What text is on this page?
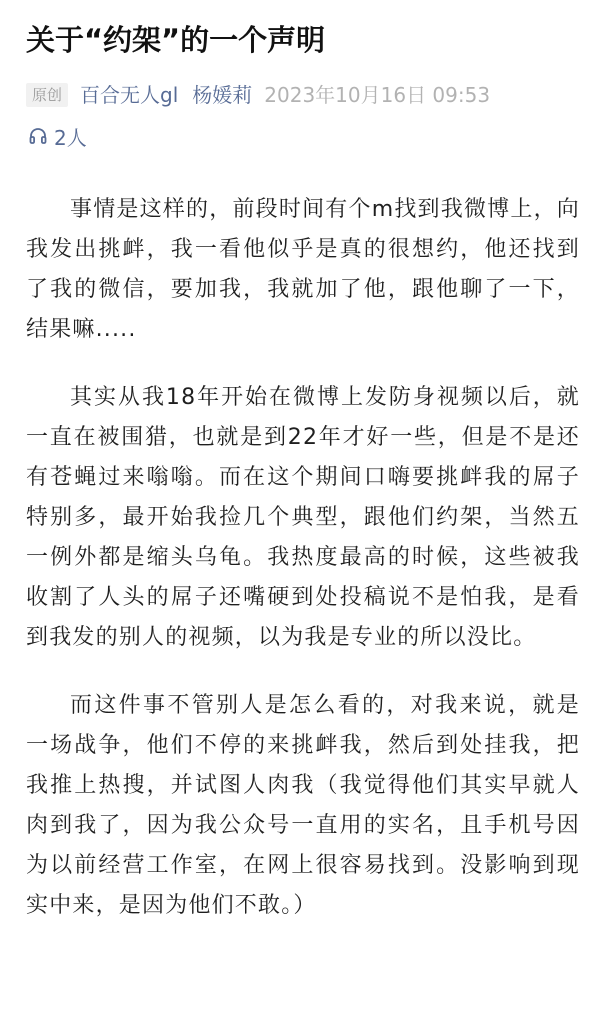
关于“约架”的一个声明
原创 百合无人gl 杨媛莉 2023年10月16日 09:53
2人

事情是这样的，前段时间有个m找到我微博上，向我发出挑衅，我一看他似乎是真的很想约，他还找到了我的微信，要加我，我就加了他，跟他聊了一下，结果嘛.....

其实从我18年开始在微博上发防身视频以后，就一直在被围猎，也就是到22年才好一些，但是不是还有苍蝇过来嗡嗡。而在这个期间口嗨要挑衅我的屌子特别多，最开始我捡几个典型，跟他们约架，当然五一例外都是缩头乌龟。我热度最高的时候，这些被我收割了人头的屌子还嘴硬到处投稿说不是怕我，是看到我发的别人的视频，以为我是专业的所以没比。

而这件事不管别人是怎么看的，对我来说，就是一场战争，他们不停的来挑衅我，然后到处挂我，把我推上热搜，并试图人肉我（我觉得他们其实早就人肉到我了，因为我公众号一直用的实名，且手机号因为以前经营工作室，在网上很容易找到。没影响到现实中来，是因为他们不敢。）
